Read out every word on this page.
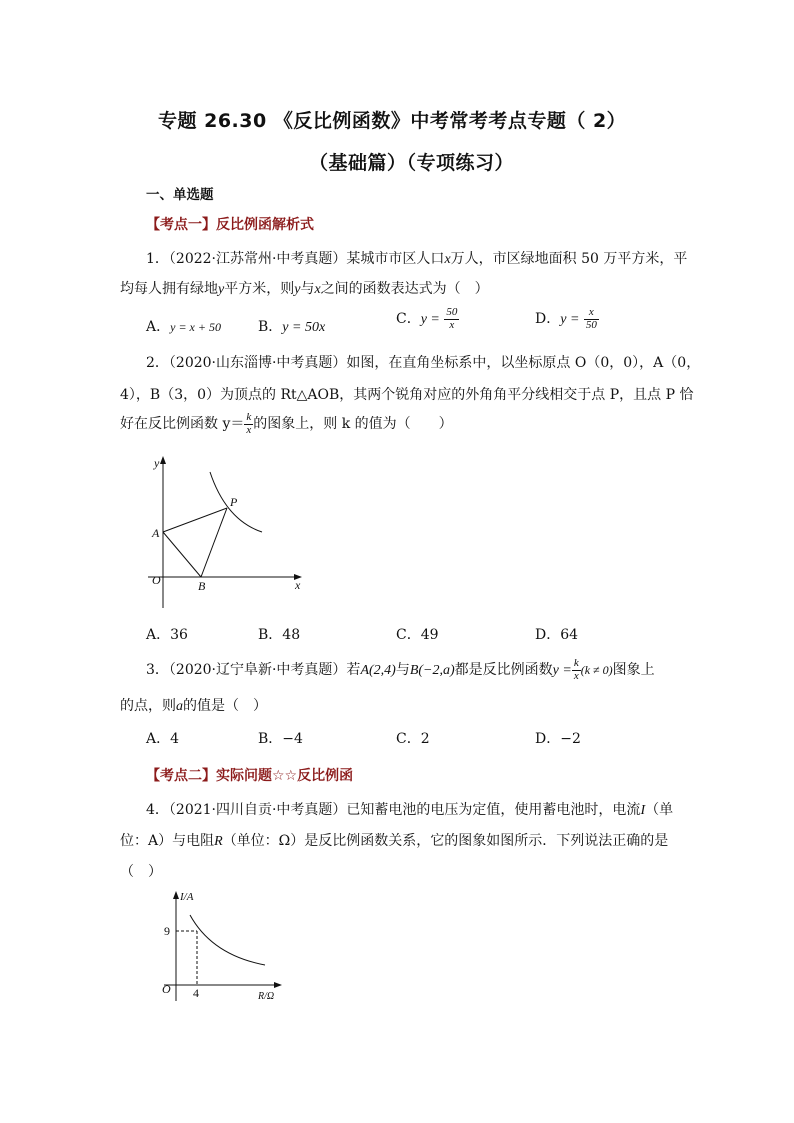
专题 26.30 《反比例函数》中考常考考点专题（ 2）
（基础篇）（专项练习）
一、单选题
【考点一】反比例函解析式
1．（2022·江苏常州·中考真题）某城市市区人口x万人，市区绿地面积 50 万平方米，平
均每人拥有绿地y平方米，则y与x之间的函数表达式为（　）
A．y = x + 50	B．y = 50x
C．$y = \frac{50}{x}$	D．$y = \frac{x}{50}$
2．（2020·山东淄博·中考真题）如图，在直角坐标系中，以坐标原点 O（0，0），A（0，
4），B（3，0）为顶点的 Rt△AOB，其两个锐角对应的外角角平分线相交于点 P，且点 P 恰
好在反比例函数 $y= \frac{k}{x}$ 的图象上，则 k 的值为（　　）
y
x
A
O	B
P
A．36	B．48	C．49	D．64
3．（2020·辽宁阜新·中考真题）若A(2,4)与B(−2,a)都是反比例函数$y = \frac{k}{x} (k \ne 0)$图象上
的点，则a的值是（　）
A．4	B．−4	C．2	D．−2
【考点二】实际问题☆☆反比例函
4．（2021·四川自贡·中考真题）已知蓄电池的电压为定值，使用蓄电池时，电流I（单
位：A）与电阻R（单位：Ω）是反比例函数关系，它的图象如图所示．下列说法正确的是
（　）
I/A
R/Ω
O
9
4
